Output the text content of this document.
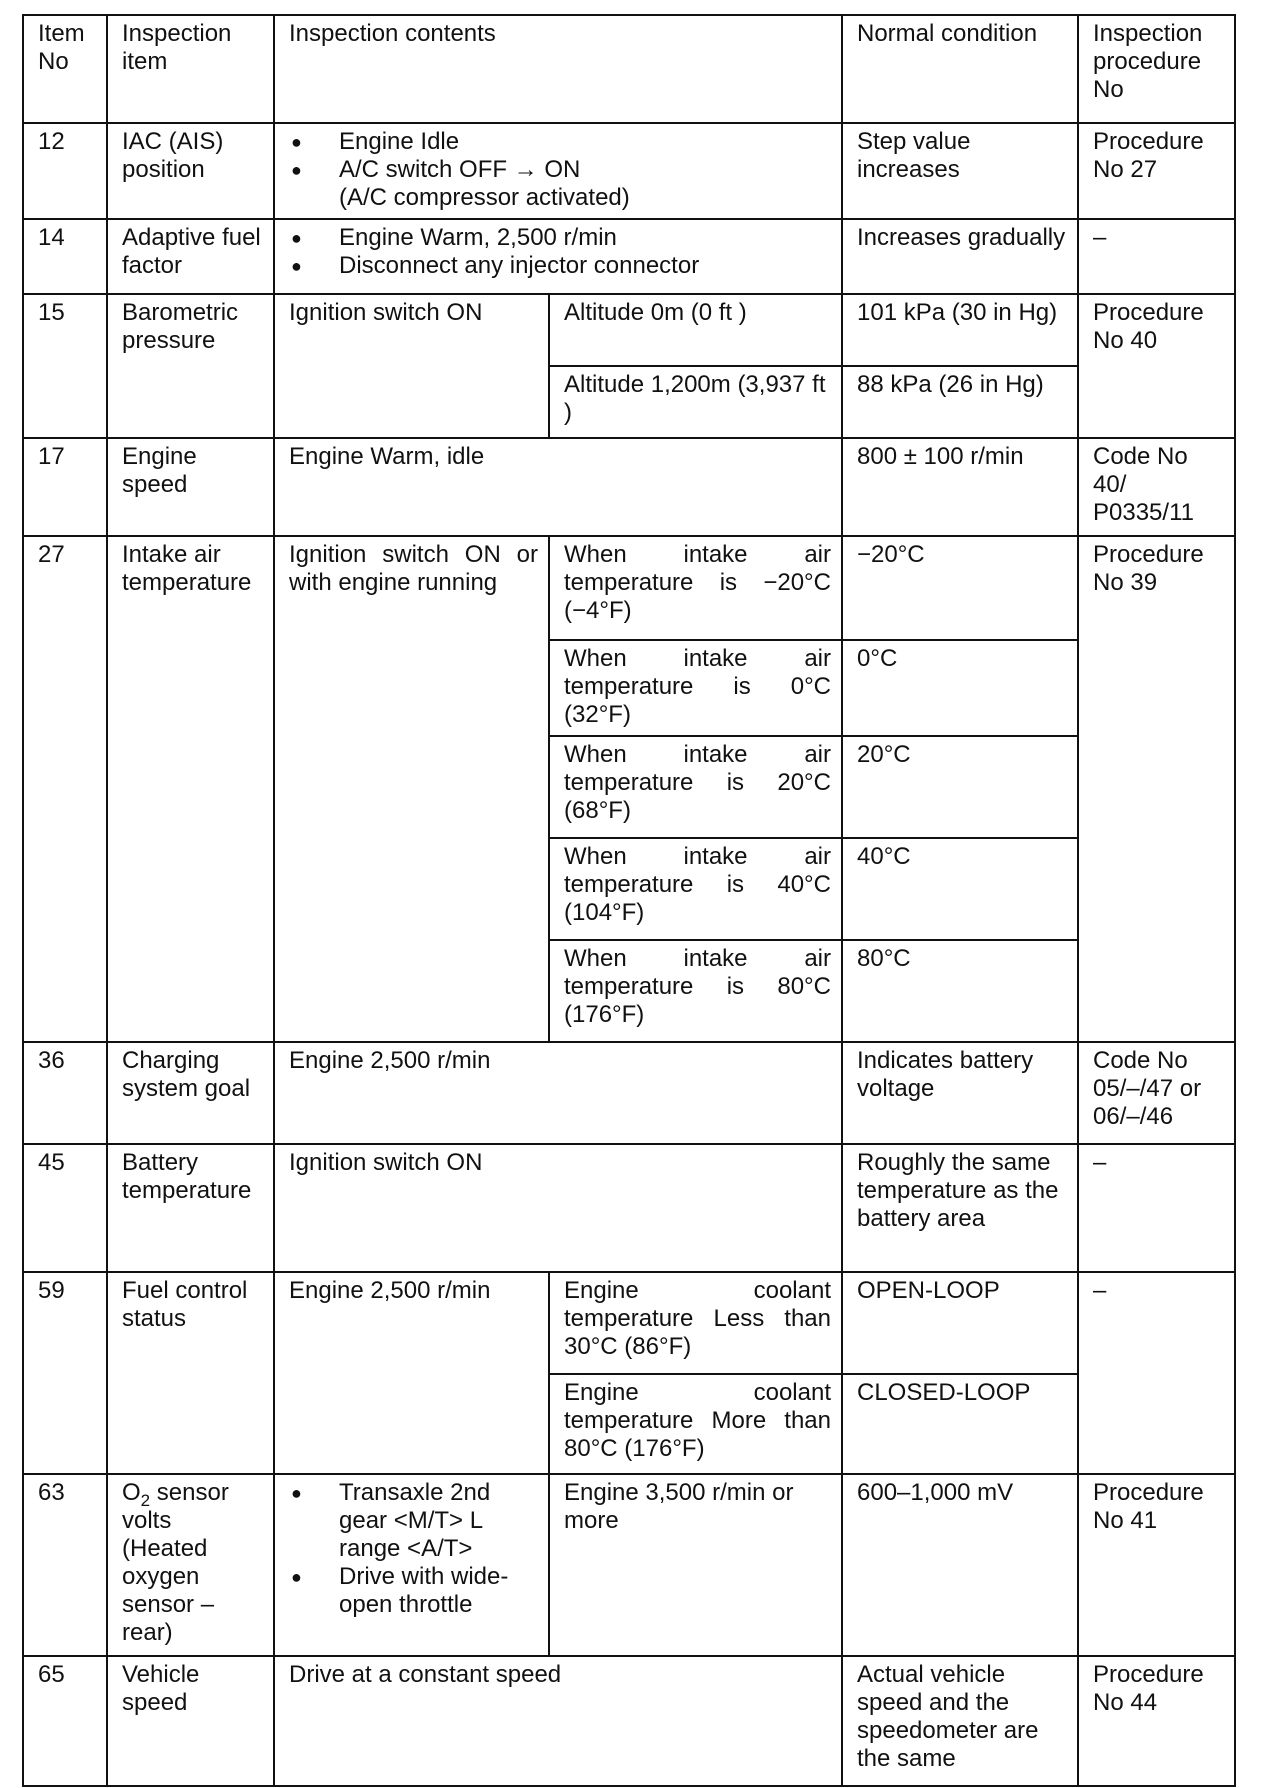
Item No	Inspection item	Inspection contents		Normal condition	Inspection procedure No
12	IAC (AIS) position	● Engine Idle
● A/C switch OFF → ON
(A/C compressor activated)		Step value increases	Procedure No 27
14	Adaptive fuel factor	● Engine Warm, 2,500 r/min
● Disconnect any injector connector		Increases gradually	–
15	Barometric pressure	Ignition switch ON	Altitude 0m (0 ft )	101 kPa (30 in Hg)	Procedure No 40
			Altitude 1,200m (3,937 ft )	88 kPa (26 in Hg)	
17	Engine speed	Engine Warm, idle		800 ± 100 r/min	Code No 40/ P0335/11
27	Intake air temperature	Ignition switch ON or with engine running	When intake air temperature is −20°C (−4°F)	−20°C	Procedure No 39
			When intake air temperature is 0°C (32°F)	0°C	
			When intake air temperature is 20°C (68°F)	20°C	
			When intake air temperature is 40°C (104°F)	40°C	
			When intake air temperature is 80°C (176°F)	80°C	
36	Charging system goal	Engine 2,500 r/min		Indicates battery voltage	Code No 05/–/47 or 06/–/46
45	Battery temperature	Ignition switch ON		Roughly the same temperature as the battery area	–
59	Fuel control status	Engine 2,500 r/min	Engine coolant temperature Less than 30°C (86°F)	OPEN-LOOP	–
			Engine coolant temperature More than 80°C (176°F)	CLOSED-LOOP	
63	$O_2$ sensor volts (Heated oxygen sensor – rear)	● Transaxle 2nd gear <M/T> L range <A/T>
● Drive with wide-open throttle	Engine 3,500 r/min or more	600–1,000 mV	Procedure No 41
65	Vehicle speed	Drive at a constant speed		Actual vehicle speed and the speedometer are the same	Procedure No 44
